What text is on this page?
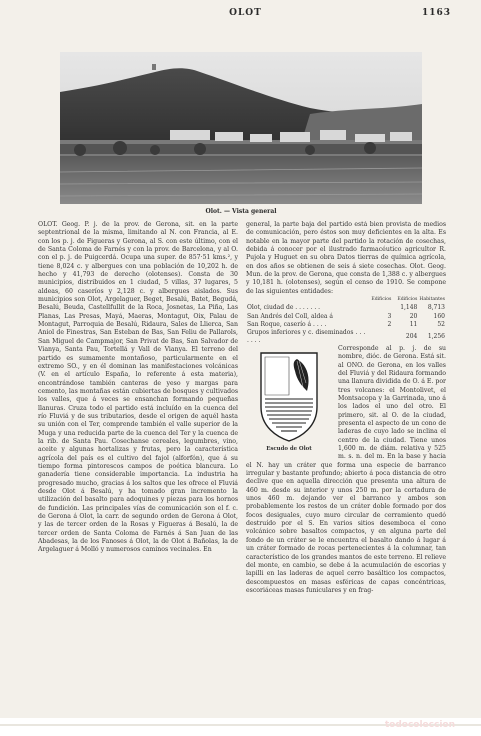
OLOT	1163
Olot. — Vista general
OLOT. Geog. P. j. de la prov. de Gerona, sit. en la parte septentrional de la misma, limitando al N. con Francia, al E. con los p. j. de Figueras y Gerona, al S. con este último, con el de Santa Coloma de Farnés y con la prov. de Barcelona, y al O. con el p. j. de Puigcerdá. Ocupa una super. de 857·51 kms.², y tiene 8,024 c. y albergues con una población de 10,202 h. de hecho y 41,793 de derecho (olotenses). Consta de 30 municipios, distribuidos en 1 ciudad, 5 villas, 37 lugares, 5 aldeas, 60 caseríos y 2,128 c. y albergues aislados. Sus municipios son Olot, Argelaguer, Beget, Besalú, Batet, Begudá, Besalú, Beuda, Castellfullit de la Roca, Josnetas, La Piña, Las Planas, Las Presas, Mayá, Maeras, Montagut, Oix, Palau de Montagut, Parroquia de Besalú, Ridaura, Sales de Llierca, San Aniol de Finestras, San Esteban de Bas, San Feliu de Pallarols, San Miguel de Campmajor, San Privat de Bas, San Salvador de Vianya, Santa Pau, Tortellá y Vall de Vianya. El terreno del partido es sumamente montañoso, particularmente en el extremo SO., y en él dominan las manifestaciones volcánicas (V. en el artículo España, lo referente á esta materia), encontrándose también canteras de yeso y margas para cemento, las montañas están cubiertas de bosques y cultivados los valles, que á veces se ensanchan formando pequeñas llanuras. Cruza todo el partido está incluído en la cuenca del río Fluviá y de sus tributarios, desde el origen de aquél hasta su unión con el Ter, comprende también el valle superior de la Muga y una reducida parte de la cuenca del Ter y la cuenca de la rib. de Santa Pau. Cosechanse cereales, legumbres, vino, aceite y algunas hortalizas y frutas, pero la característica agrícola del país es el cultivo del fajol (alforfón), que á su tiempo forma pintorescos campos de poética blancura. Lo ganadería tiene considerable importancia. La industria ha progresado mucho, gracias á los saltos que les ofrece el Fluviá desde Olot á Besalú, y ha tomado gran incremento la utilización del basalto para adoquines y piezas para los hornos de fundición. Las principales vías de comunicación son el f. c. de Gerona á Olot, la carr. de segundo orden de Gerona á Olot, y las de tercer orden de la Rosas y Figueras á Besalú, la de tercer orden de Santa Coloma de Farnés á San Juan de las Abadesas, la de los Fanoses á Olot, la de Olot á Bañolas, la de Argelaguer á Molló y numerosos caminos vecinales. En
general, la parte baja del partido está bien provista de medios de comunicación, pero éstos son muy deficientes en la alta. Es notable en la mayor parte del partido la rotación de cosechas, debida á conocer por el ilustrado farmacéutico agricultor R. Pujola y Huguet en su obra Datos tierras de química agrícola, en dos años se obtienen de seis á siete cosechas. Olot. Geog. Mun. de la prov. de Gerona, que consta de 1,388 c. y albergues y 10,181 h. (olotenses), según el censo de 1910. Se compone de las siguientes entidades:
	Edificios	Edificios	Habitantes
Olot, ciudad de . . . . . . .		1,148	8,713
San Andrés del Coll, aldea á	3	20	160
San Roque, caserío á . . . .	2	11	52
Grupos inferiores y c. diseminados . . . . . . .		204	1,256
Escudo de Olot
Corresponde al p. j. de su nombre, dióc. de Gerona. Está sit. al ONO. de Gerona, en los valles del Fluviá y del Ridaura formando una llanura dividida de O. á E. por tres volcanes: el Montolivet, el Montsacopa y la Garrinada, uno á los lados el uno del otro. El primero, sit. al O. de la ciudad, presenta el aspecto de un cono de laderas de cuyo lado se inclina el centro de la ciudad. Tiene unos 1,600 m. de diám. relativa y 525 m. s. n. del m. En la base y hacia el N. hay un cráter que forma una especie de barranco irregular y bastante profundo; abierto á poca distancia de otro declive que en aquella dirección que presenta una altura de 460 m. desde su interior y unos 250 m. por la cortadura de unos 460 m. dejando ver el barranco y ambos son probablemente los restos de un cráter doble formado por dos focos desiguales, cuyo muro circular de cerramiento quedó destruído por el S. En varios sitios desemboca el cono volcánico sobre basaltos compactos, y en alguna parte del fondo de un cráter se le encuentra el basalto dando á lugar á un cráter formado de rocas pertenecientes á la columnar, tan característico de los grandes mantos de este terreno. El relieve del monte, en cambio, se debe á la acumulación de escorias y lapilli en las laderas de aquel cerro basáltico los compactos, descompuestos en masas esféricas de capas concéntricas, escoriáceas masas funiculares y en frag-
todocoleccion
